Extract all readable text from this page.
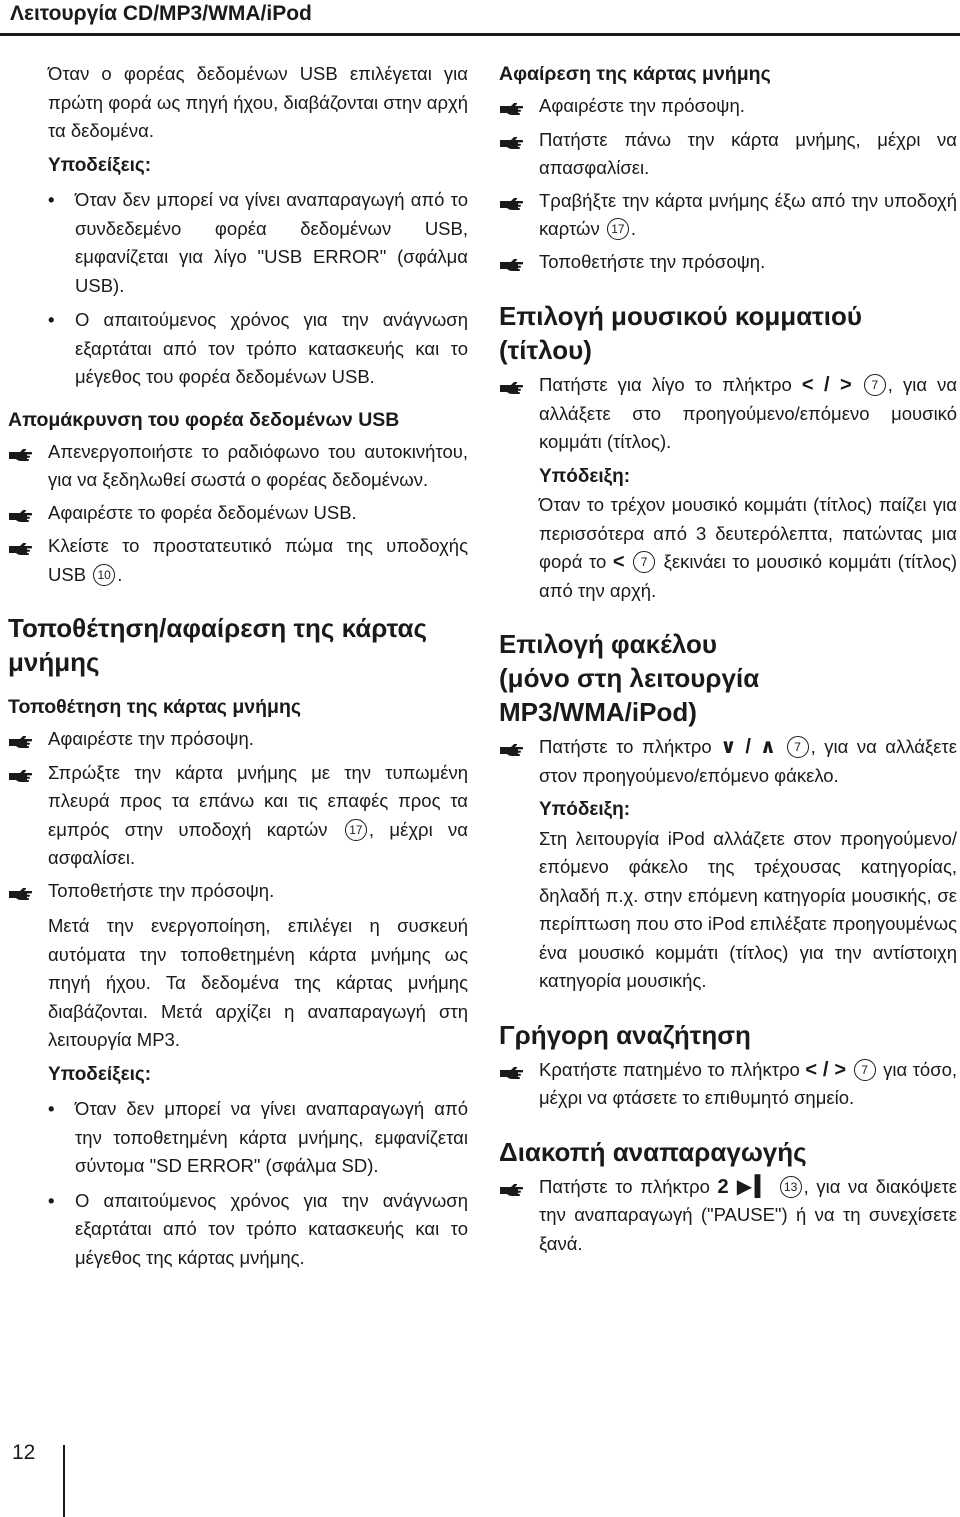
Λειτουργία CD/MP3/WMA/iPod

Όταν ο φορέας δεδομένων USB επιλέγεται για πρώτη φορά ως πηγή ήχου, διαβάζονται στην αρχή τα δεδομένα.

Υποδείξεις:

•	Όταν δεν μπορεί να γίνει αναπαραγωγή από το συνδεδεμένο φορέα δεδομένων USB, εμφανίζεται για λίγο "USB ERROR" (σφάλμα USB).
•	Ο απαιτούμενος χρόνος για την ανάγνωση εξαρτάται από τον τρόπο κατασκευής και το μέγεθος του φορέα δεδομένων USB.

Απομάκρυνση του φορέα δεδομένων USB

Απενεργοποιήστε το ραδιόφωνο του αυτοκινήτου, για να ξεδηλωθεί σωστά ο φορέας δεδομένων.
Αφαιρέστε το φορέα δεδομένων USB.
Κλείστε το προστατευτικό πώμα της υποδοχής USB 10 .

Τοποθέτηση/αφαίρεση της κάρτας μνήμης

Τοποθέτηση της κάρτας μνήμης

Αφαιρέστε την πρόσοψη.
Σπρώξτε την κάρτα μνήμης με την τυπωμένη πλευρά προς τα επάνω και τις επαφές προς τα εμπρός στην υποδοχή καρτών 17 , μέχρι να ασφαλίσει.
Τοποθετήστε την πρόσοψη.

Μετά την ενεργοποίηση, επιλέγει η συσκευή αυτόματα την τοποθετημένη κάρτα μνήμης ως πηγή ήχου. Τα δεδομένα της κάρτας μνήμης διαβάζονται. Μετά αρχίζει η αναπαραγωγή στη λειτουργία MP3.

Υποδείξεις:

•	Όταν δεν μπορεί να γίνει αναπαραγωγή από την τοποθετημένη κάρτα μνήμης, εμφανίζεται σύντομα "SD ERROR" (σφάλμα SD).
•	Ο απαιτούμενος χρόνος για την ανάγνωση εξαρτάται από τον τρόπο κατασκευής και το μέγεθος της κάρτας μνήμης.

Αφαίρεση της κάρτας μνήμης

Αφαιρέστε την πρόσοψη.
Πατήστε πάνω την κάρτα μνήμης, μέχρι να απασφαλίσει.
Τραβήξτε την κάρτα μνήμης έξω από την υποδοχή καρτών 17 .
Τοποθετήστε την πρόσοψη.

Επιλογή μουσικού κομματιού (τίτλου)

Πατήστε για λίγο το πλήκτρο < / > 7 , για να αλλάξετε στο προηγούμενο/επόμενο μουσικό κομμάτι (τίτλος).

Υπόδειξη:

Όταν το τρέχον μουσικό κομμάτι (τίτλος) παίζει για περισσότερα από 3 δευτερόλεπτα, πατώντας μια φορά το < 7 ξεκινάει το μουσικό κομμάτι (τίτλος) από την αρχή.

Επιλογή φακέλου

(μόνο στη λειτουργία MP3/WMA/iPod)

Πατήστε το πλήκτρο ∨ / ∧ 7 , για να αλλάξετε στον προηγούμενο/επόμενο φάκελο.

Υπόδειξη:

Στη λειτουργία iPod αλλάζετε στον προηγούμενο/επόμενο φάκελο της τρέχουσας κατηγορίας, δηλαδή π.χ. στην επόμενη κατηγορία μουσικής, σε περίπτωση που στο iPod επιλέξατε προηγουμένως ένα μουσικό κομμάτι (τίτλος) για την αντίστοιχη κατηγορία μουσικής.

Γρήγορη αναζήτηση

Κρατήστε πατημένο το πλήκτρο < / > 7 για τόσο, μέχρι να φτάσετε το επιθυμητό σημείο.

Διακοπή αναπαραγωγής

Πατήστε το πλήκτρο 2 ▶▍ 13 , για να διακόψετε την αναπαραγωγή ("PAUSE") ή να τη συνεχίσετε ξανά.
12
